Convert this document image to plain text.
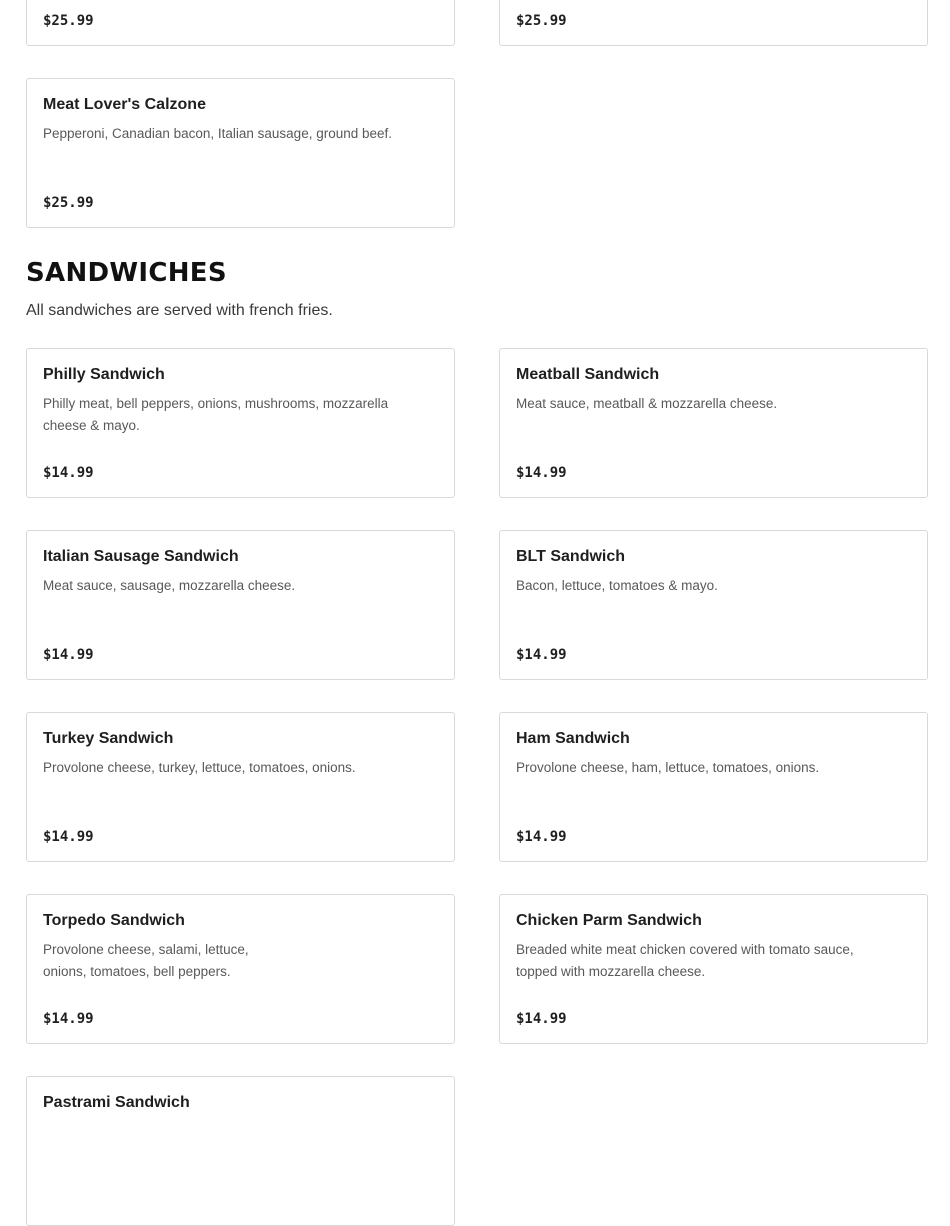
$25.99	$25.99
Meat Lover's Calzone
Pepperoni, Canadian bacon, Italian sausage, ground beef.
$25.99
SANDWICHES
All sandwiches are served with french fries.
Philly Sandwich
Philly meat, bell peppers, onions, mushrooms, mozzarella cheese & mayo.
$14.99
Meatball Sandwich
Meat sauce, meatball & mozzarella cheese.
$14.99
Italian Sausage Sandwich
Meat sauce, sausage, mozzarella cheese.
$14.99
BLT Sandwich
Bacon, lettuce, tomatoes & mayo.
$14.99
Turkey Sandwich
Provolone cheese, turkey, lettuce, tomatoes, onions.
$14.99
Ham Sandwich
Provolone cheese, ham, lettuce, tomatoes, onions.
$14.99
Torpedo Sandwich
Provolone cheese, salami, lettuce, onions, tomatoes, bell peppers.
$14.99
Chicken Parm Sandwich
Breaded white meat chicken covered with tomato sauce, topped with mozzarella cheese.
$14.99
Pastrami Sandwich
